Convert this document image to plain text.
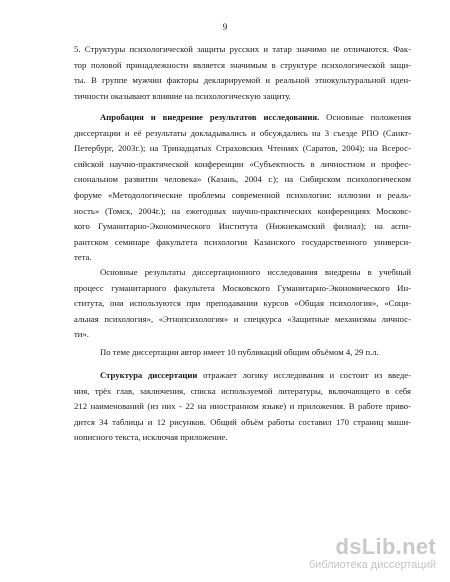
9
5. Структуры психологической защиты русских и татар значимо не отличаются. Фак-
тор половой принадлежности является значимым в структуре психологической защи-
ты. В группе мужчин факторы декларируемой и реальной этнокультуральной иден-
тичности оказывают влияние на психологическую защиту.
Апробация и внедрение результатов исследования. Основные положения
диссертации и её результаты докладывались и обсуждались на 3 съезде РПО (Санкт-
Петербург, 2003г.); на Тринадцатых Страховских Чтениях (Саратов, 2004); на Всерос-
сийской научно-практической конференции «Субъектность в личностном и профес-
сиональном развитии человека» (Казань, 2004 г.); на Сибирском психологическом
форуме «Методологические проблемы современной психологии: иллюзии и реаль-
ность» (Томск, 2004г.); на ежегодных научно-практических конференциях Московс-
кого Гуманитарно-Экономического Института (Нижнекамский филиал); на аспи-
рантском семинаре факультета психологии Казанского государственного универси-
тета.
Основные результаты диссертационного исследования внедрены в учебный
процесс гуманитарного факультета Московского Гуманитарно-Экономического Ин-
ститута, они используются при преподавании курсов «Общая психология», «Соци-
альная психология», «Этнопсихология» и спецкурса «Защитные механизмы личнос-
ти».
По теме диссертации автор имеет 10 публикаций общим объёмом 4, 29 п.л.
Структура диссертации отражает логику исследования и состоит из введе-
ния, трёх глав, заключения, списка используемой литературы, включающего в себя
212 наименований (из них - 22 на иностранном языке) и приложения. В работе приво-
дится 34 таблицы и 12 рисунков. Общий объём работы составил 170 страниц маши-
нописного текста, исключая приложение.
dsLib.net
библиотека диссертаций
